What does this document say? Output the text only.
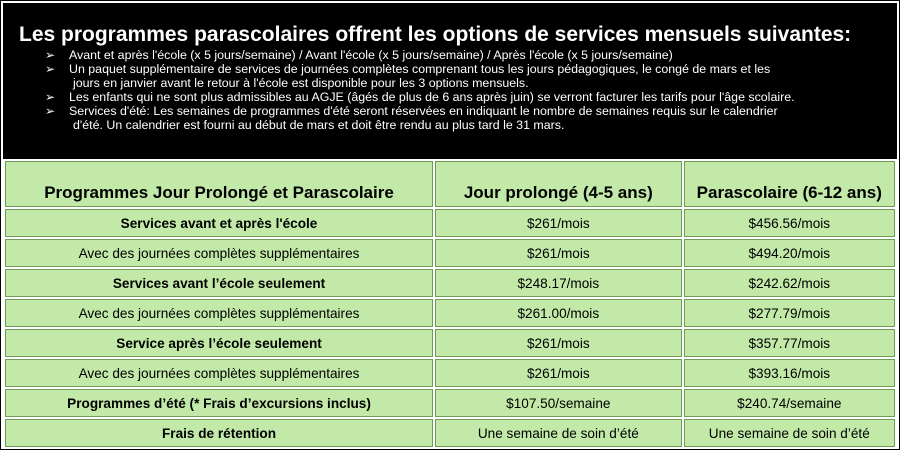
Les programmes parascolaires offrent les options de services mensuels suivantes:
➢ Avant et après l'école (x 5 jours/semaine) / Avant l'école (x 5 jours/semaine) / Après l'école (x 5 jours/semaine)
➢ Un paquet supplémentaire de services de journées complètes comprenant tous les jours pédagogiques, le congé de mars et les
jours en janvier avant le retour à l'école est disponible pour les 3 options mensuels.
➢ Les enfants qui ne sont plus admissibles au AGJE (âgés de plus de 6 ans après juin) se verront facturer les tarifs pour l'âge scolaire.
➢ Services d'été: Les semaines de programmes d'été seront réservées en indiquant le nombre de semaines requis sur le calendrier
d'été. Un calendrier est fourni au début de mars et doit être rendu au plus tard le 31 mars.
Programmes Jour Prolongé et Parascolaire	Jour prolongé (4-5 ans)	Parascolaire (6-12 ans)
Services avant et après l'école	$261/mois	$456.56/mois
Avec des journées complètes supplémentaires	$261/mois	$494.20/mois
Services avant l’école seulement	$248.17/mois	$242.62/mois
Avec des journées complètes supplémentaires	$261.00/mois	$277.79/mois
Service après l’école seulement	$261/mois	$357.77/mois
Avec des journées complètes supplémentaires	$261/mois	$393.16/mois
Programmes d’été (* Frais d’excursions inclus)	$107.50/semaine	$240.74/semaine
Frais de rétention	Une semaine de soin d’été	Une semaine de soin d’été
